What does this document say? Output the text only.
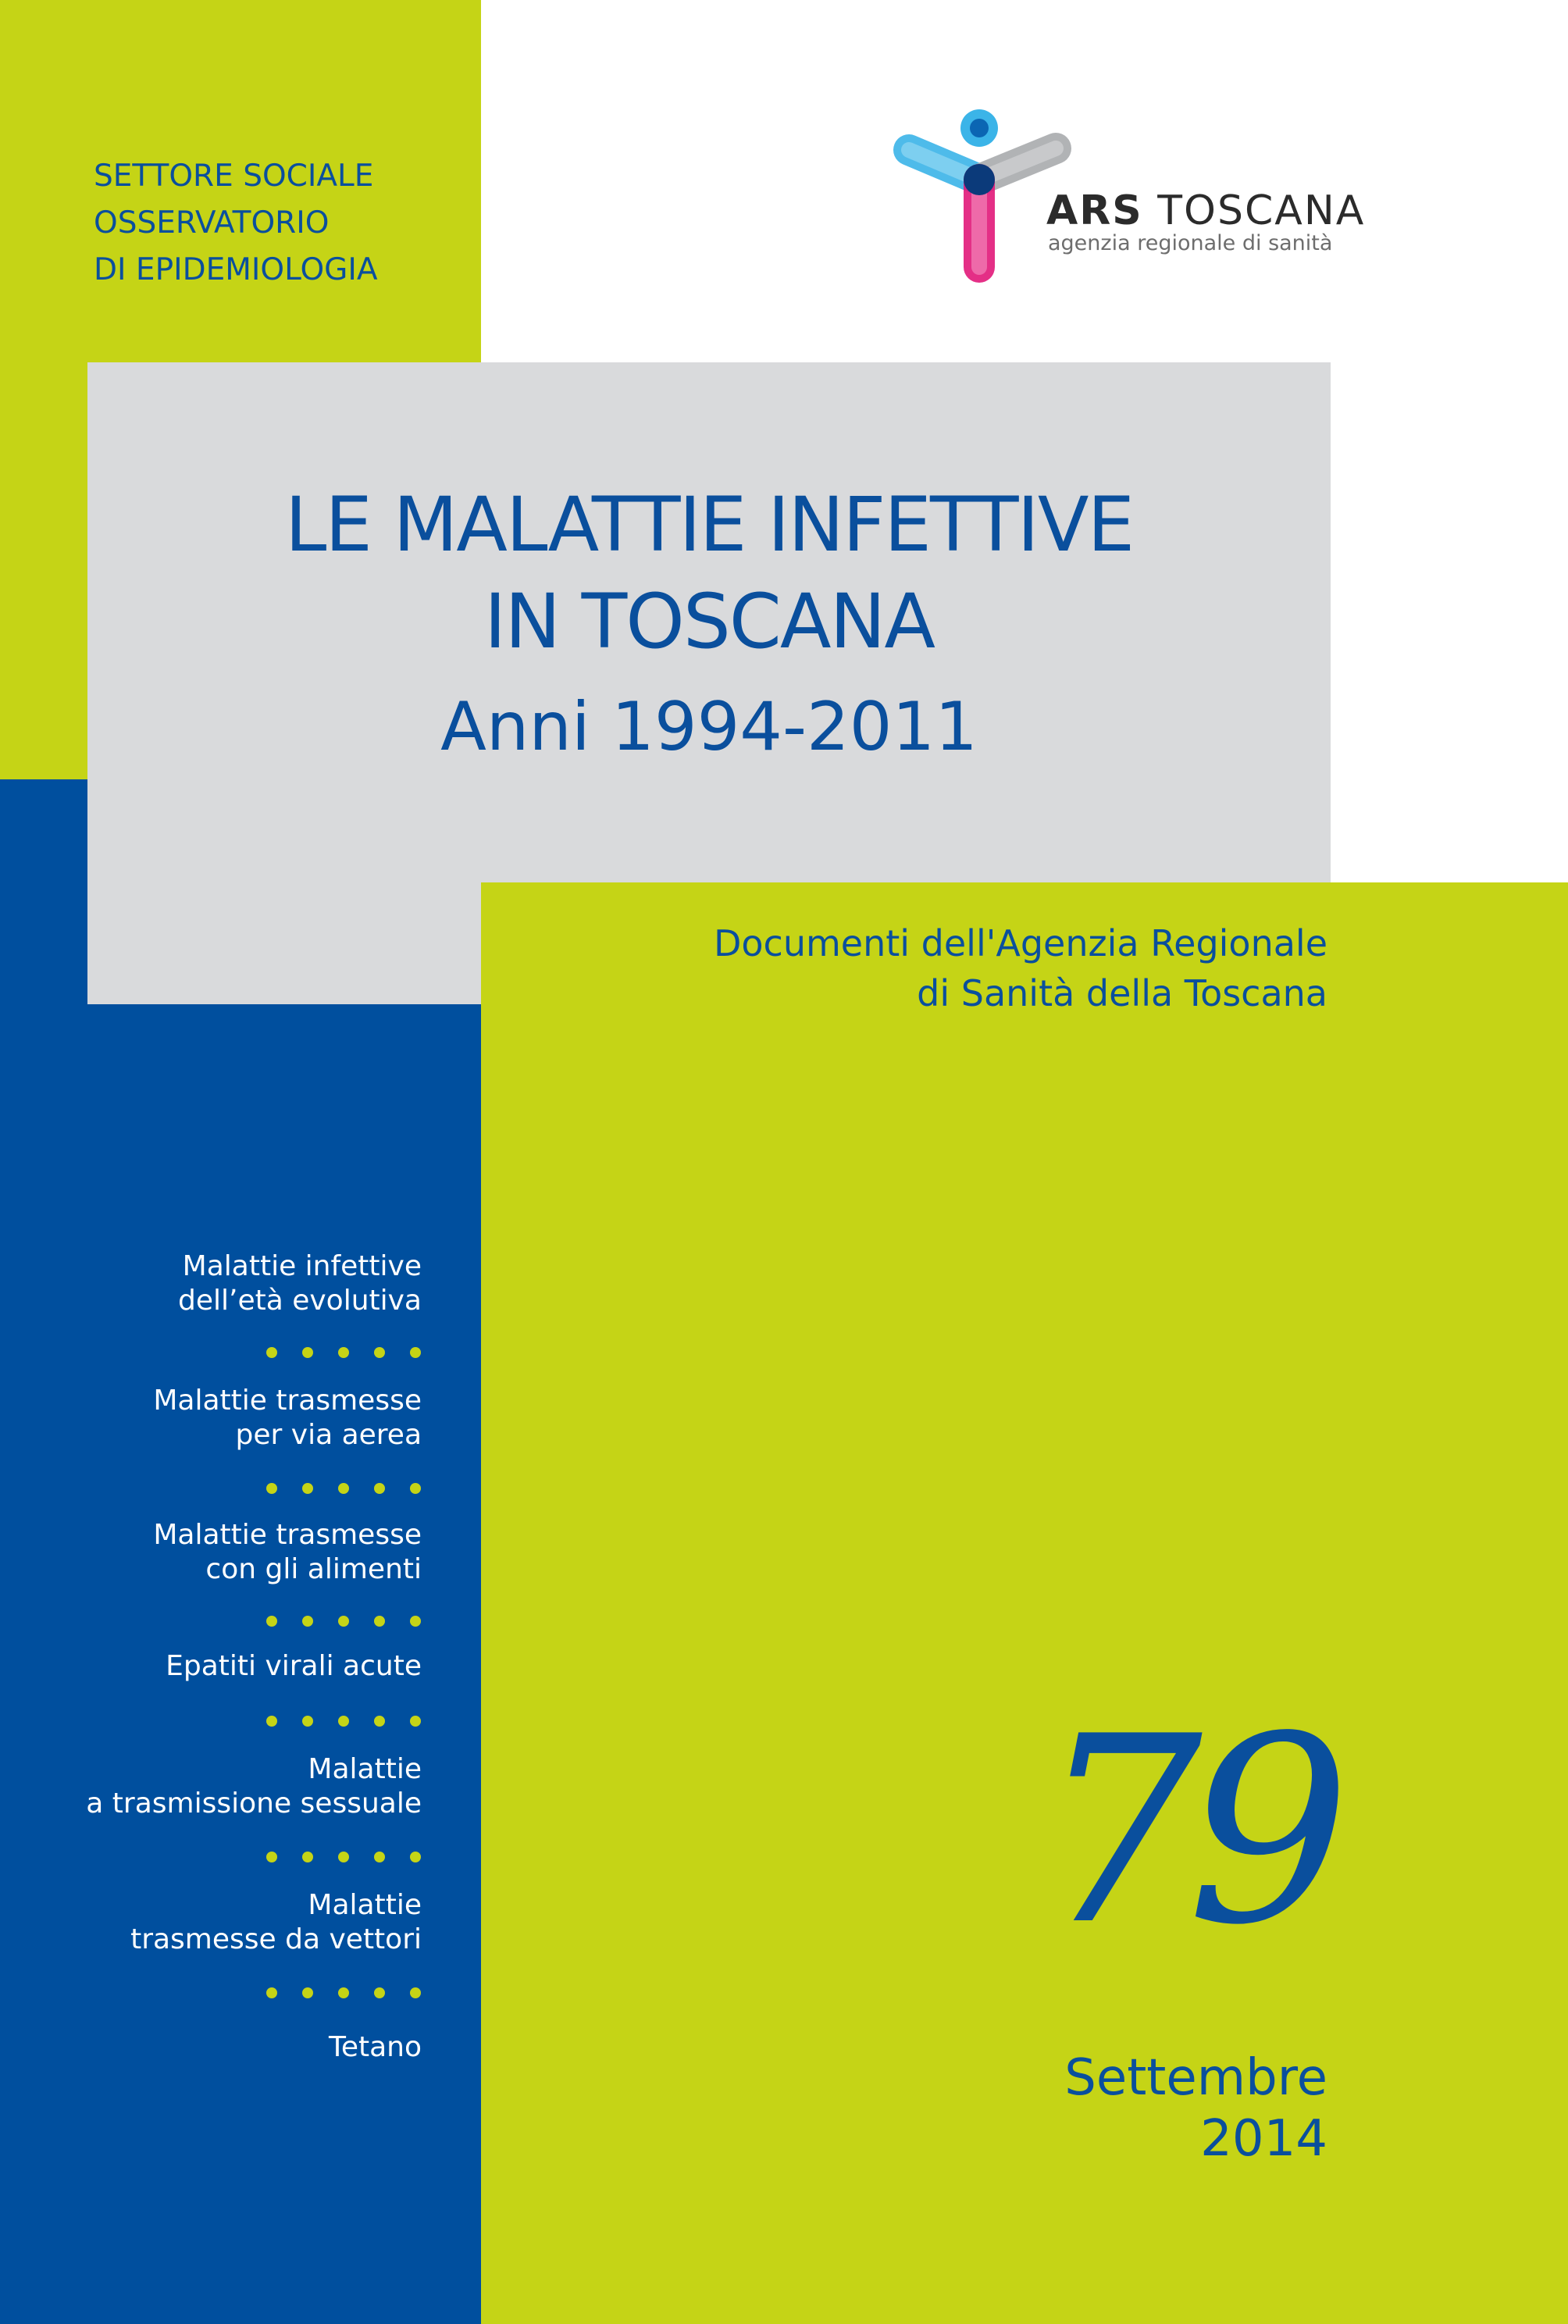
SETTORE SOCIALE
OSSERVATORIO
DI EPIDEMIOLOGIA
ARS TOSCANA
agenzia regionale di sanità
LE MALATTIE INFETTIVE
IN TOSCANA
Anni 1994-2011
Documenti dell'Agenzia Regionale
di Sanità della Toscana
Malattie infettive
dell’età evolutiva
Malattie trasmesse
per via aerea
Malattie trasmesse
con gli alimenti
Epatiti virali acute
Malattie
a trasmissione sessuale
Malattie
trasmesse da vettori
Tetano
79
Settembre
2014
